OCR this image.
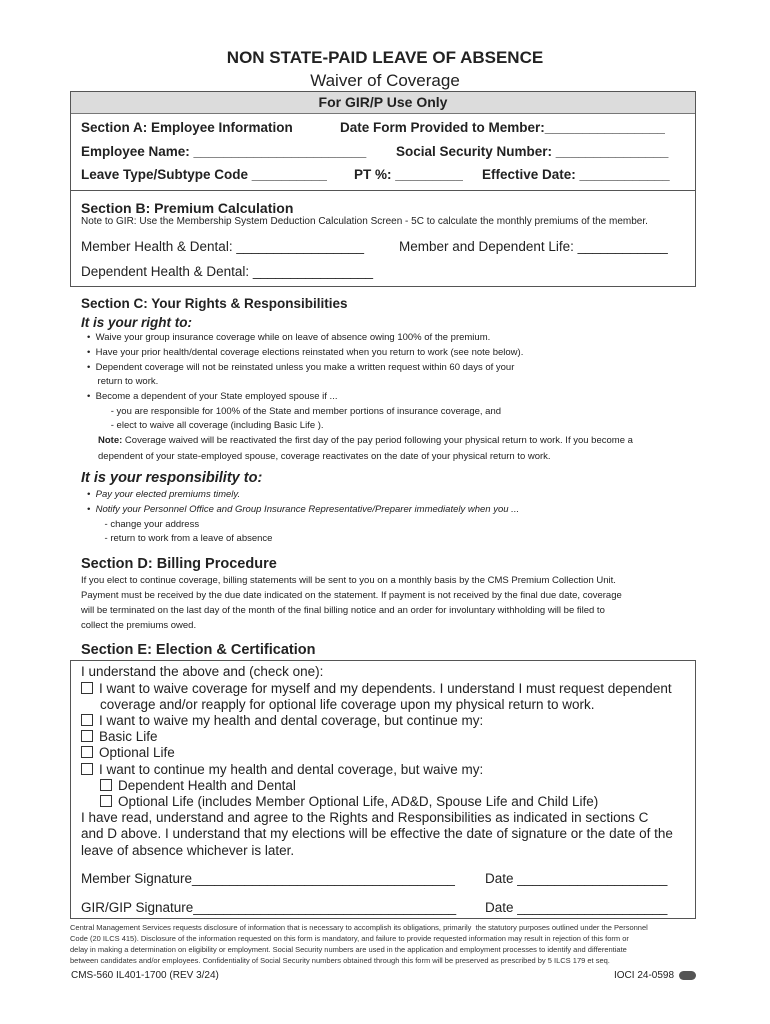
NON STATE-PAID LEAVE OF ABSENCE
Waiver of Coverage
For GIR/P Use Only
Section A: Employee Information	Date Form Provided to Member:________________
Employee Name: _______________________ Social Security Number: _______________
Leave Type/Subtype Code __________ PT %: _________ Effective Date: ____________
Section B: Premium Calculation
Note to GIR: Use the Membership System Deduction Calculation Screen - 5C to calculate the monthly premiums of the member.
Member Health & Dental: _________________	Member and Dependent Life: ____________
Dependent Health & Dental: ________________
Section C: Your Rights & Responsibilities
It is your right to:
•  Waive your group insurance coverage while on leave of absence owing 100% of the premium.
•  Have your prior health/dental coverage elections reinstated when you return to work (see note below).
•  Dependent coverage will not be reinstated unless you make a written request within 60 days of your
return to work.
•  Become a dependent of your State employed spouse if ...
- you are responsible for 100% of the State and member portions of insurance coverage, and
- elect to waive all coverage (including Basic Life ).
Note: Coverage waived will be reactivated the first day of the pay period following your physical return to work. If you become a
dependent of your state-employed spouse, coverage reactivates on the date of your physical return to work.
It is your responsibility to:
•  Pay your elected premiums timely.
•  Notify your Personnel Office and Group Insurance Representative/Preparer immediately when you ...
- change your address
- return to work from a leave of absence
Section D: Billing Procedure
If you elect to continue coverage, billing statements will be sent to you on a monthly basis by the CMS Premium Collection Unit.
Payment must be received by the due date indicated on the statement. If payment is not received by the final due date, coverage
will be terminated on the last day of the month of the final billing notice and an order for involuntary withholding will be filed to
collect the premiums owed.
Section E: Election & Certification
I understand the above and (check one):
I want to waive coverage for myself and my dependents. I understand I must request dependent
coverage and/or reapply for optional life coverage upon my physical return to work.
I want to waive my health and dental coverage, but continue my:
Basic Life
Optional Life
I want to continue my health and dental coverage, but waive my:
Dependent Health and Dental
Optional Life (includes Member Optional Life, AD&D, Spouse Life and Child Life)
I have read, understand and agree to the Rights and Responsibilities as indicated in sections C
and D above. I understand that my elections will be effective the date of signature or the date of the
leave of absence whichever is later.
Member Signature___________________________________ Date ____________________
GIR/GIP Signature___________________________________ Date ____________________
Central Management Services requests disclosure of information that is necessary to accomplish its obligations, primarily  the statutory purposes outlined under the Personnel
Code (20 ILCS 415). Disclosure of the information requested on this form is mandatory, and failure to provide requested information may result in rejection of this form or
delay in making a determination on eligibility or employment. Social Security numbers are used in the application and employment processes to identify and differentiate
between candidates and/or employees. Confidentiality of Social Security numbers obtained through this form will be preserved as prescribed by 5 ILCS 179 et seq.
CMS-560 IL401-1700 (REV 3/24)	IOCI 24-0598
